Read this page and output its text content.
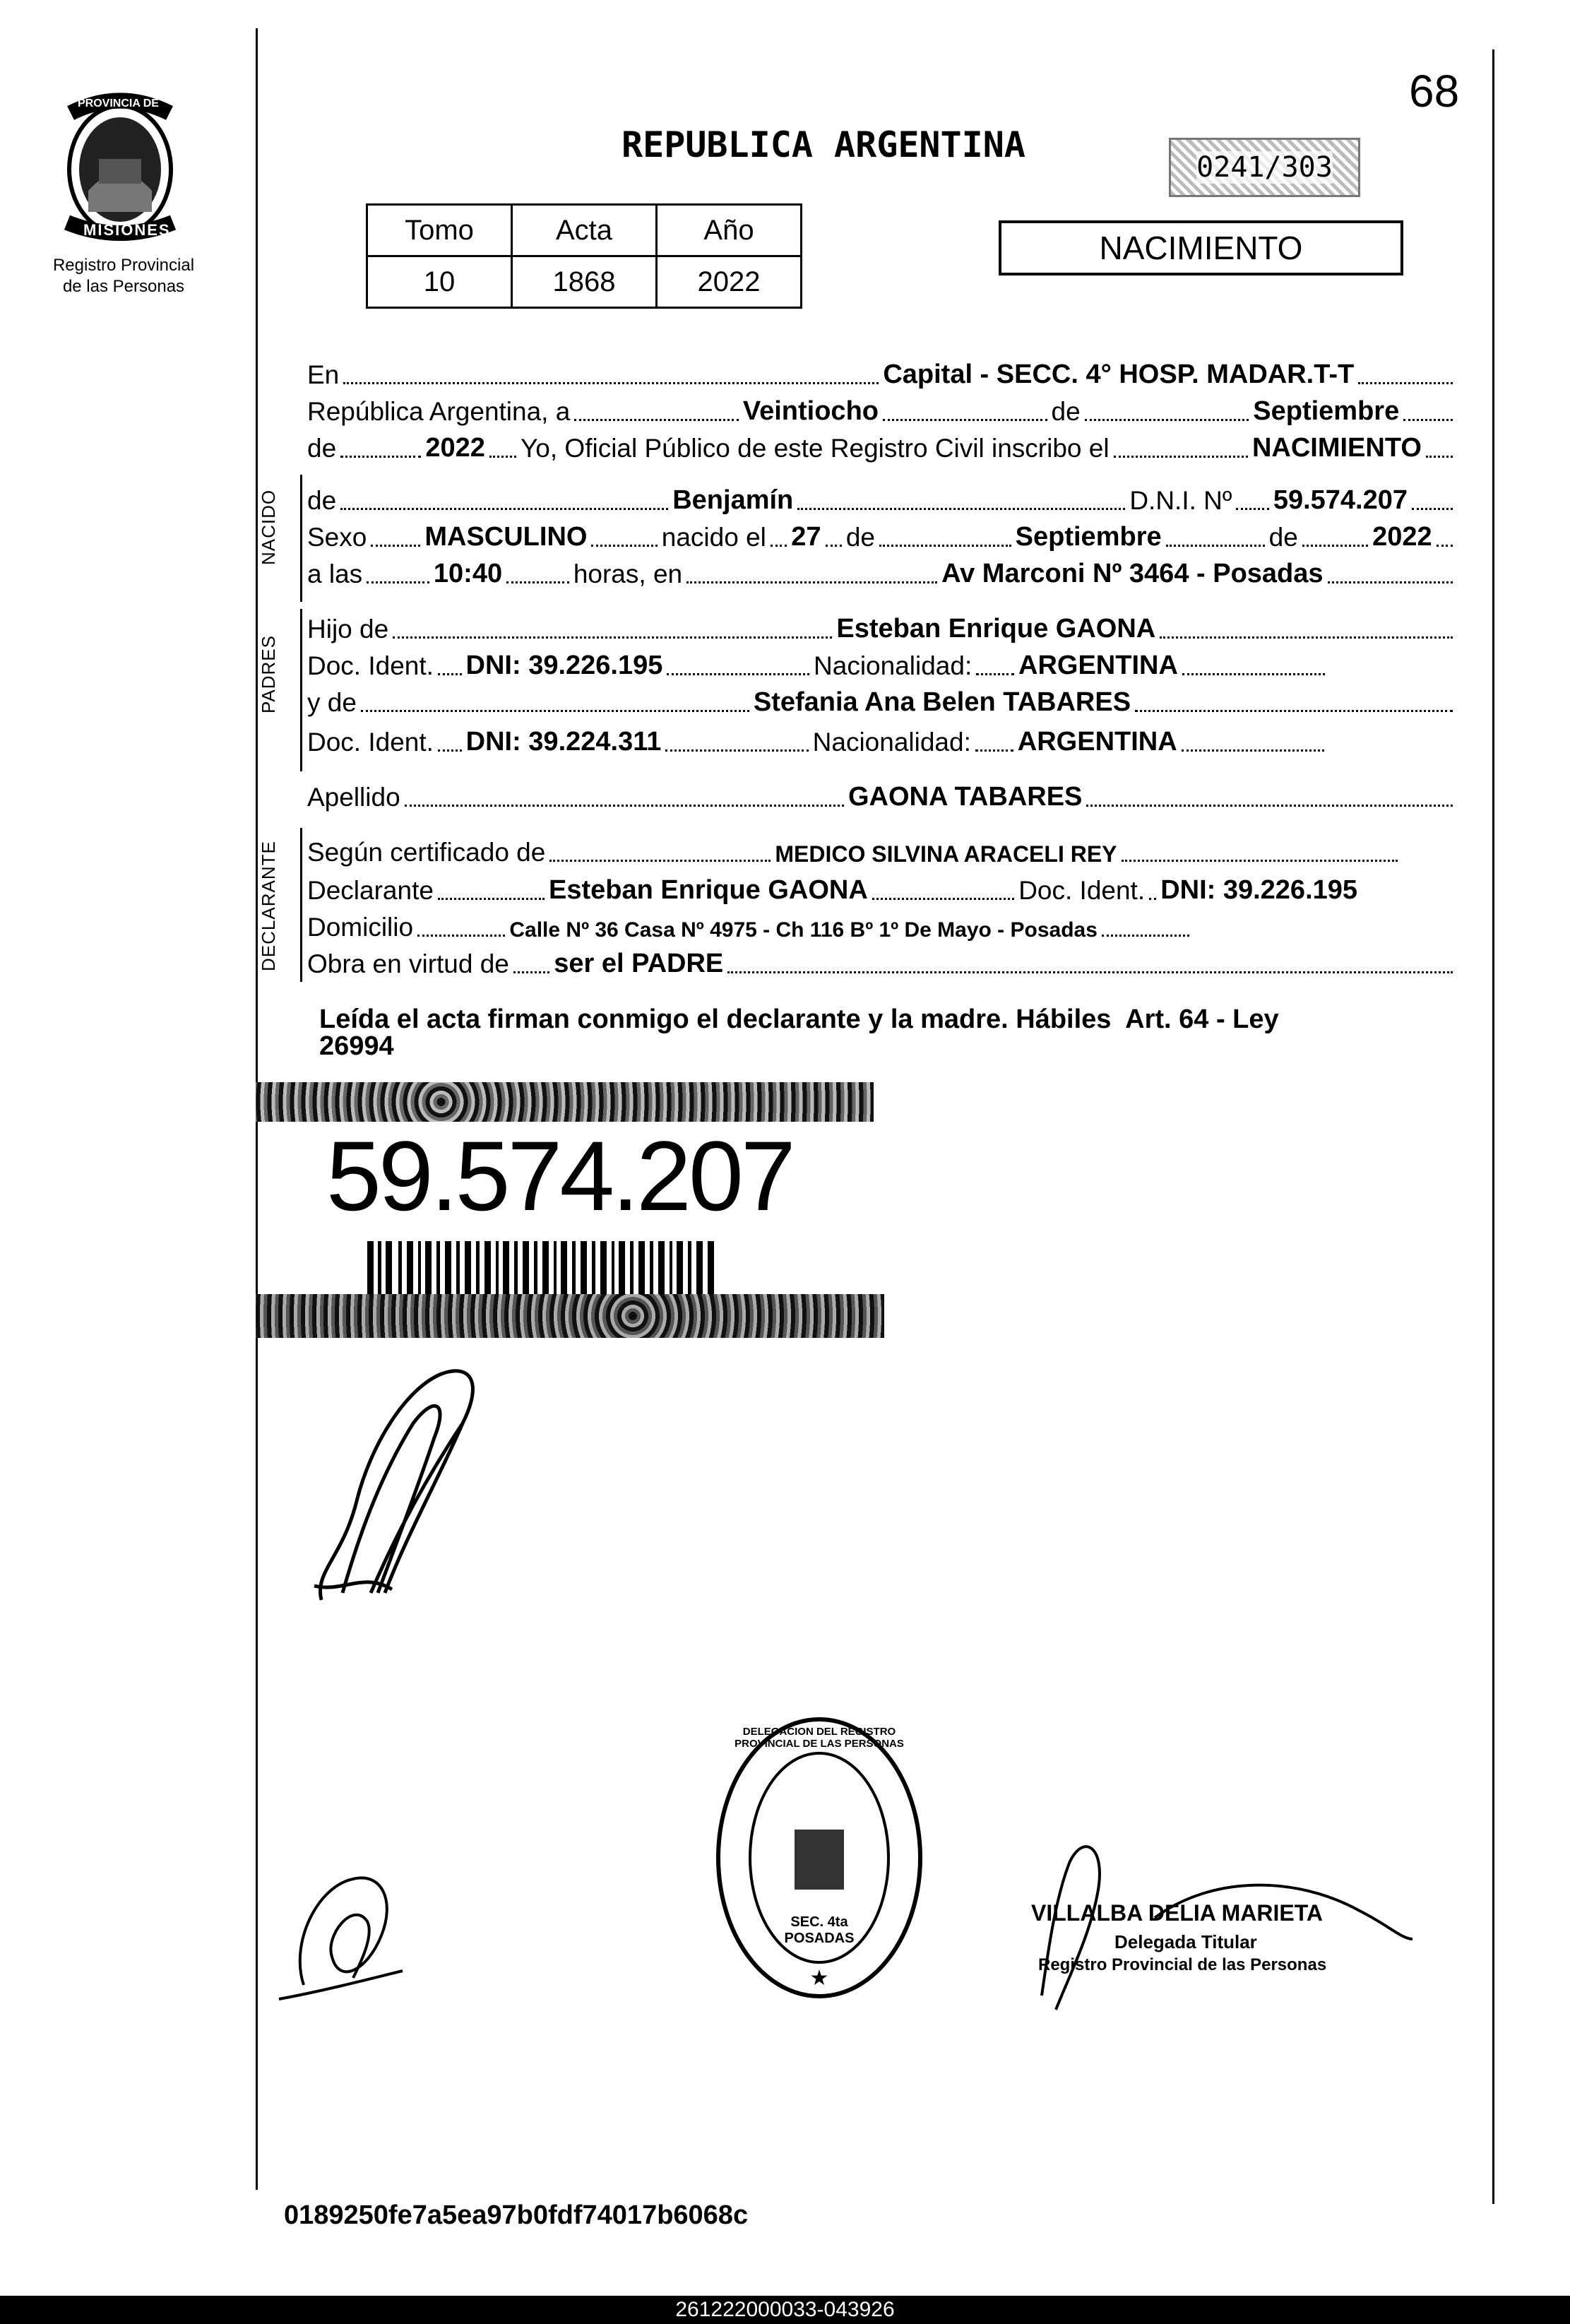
68
PROVINCIA DE
MISIONES
Registro Provincial
de las Personas
REPUBLICA ARGENTINA
0241/303
NACIMIENTO
Tomo	Acta	Año
10	1868	2022
En	Capital - SECC. 4° HOSP. MADAR.T-T
República Argentina, a	Veintiocho	de	Septiembre
de	2022 Yo, Oficial Público de este Registro Civil inscribo el	NACIMIENTO
NACIDO de	Benjamín	D.N.I. Nº 59.574.207
Sexo MASCULINO	nacido el 27 de	Septiembre	de	2022
a las	10:40	horas, en	Av Marconi Nº 3464 - Posadas
PADRES
Hijo de	Esteban Enrique GAONA
Doc. Ident. DNI: 39.226.195	Nacionalidad: ARGENTINA
y de	Stefania Ana Belen TABARES
Doc. Ident. DNI: 39.224.311	Nacionalidad: ARGENTINA
Apellido	GAONA TABARES
DECLARANTE Según certificado de	MEDICO SILVINA ARACELI REY
Declarante	Esteban Enrique GAONA	Doc. Ident. DNI: 39.226.195
Domicilio	Calle Nº 36 Casa Nº 4975 - Ch 116 Bº 1º De Mayo - Posadas
Obra en virtud de ser el PADRE
Leída el acta firman conmigo el declarante y la madre. Hábiles  Art. 64 - Ley
26994
59.574.207
★
DELEGACION DEL REGISTRO PROVINCIAL DE LAS PERSONAS
SEC. 4ta POSADAS
VILLALBA DELIA MARIETA
Delegada Titular
Registro Provincial de las Personas
0189250fe7a5ea97b0fdf74017b6068c
261222000033-043926
